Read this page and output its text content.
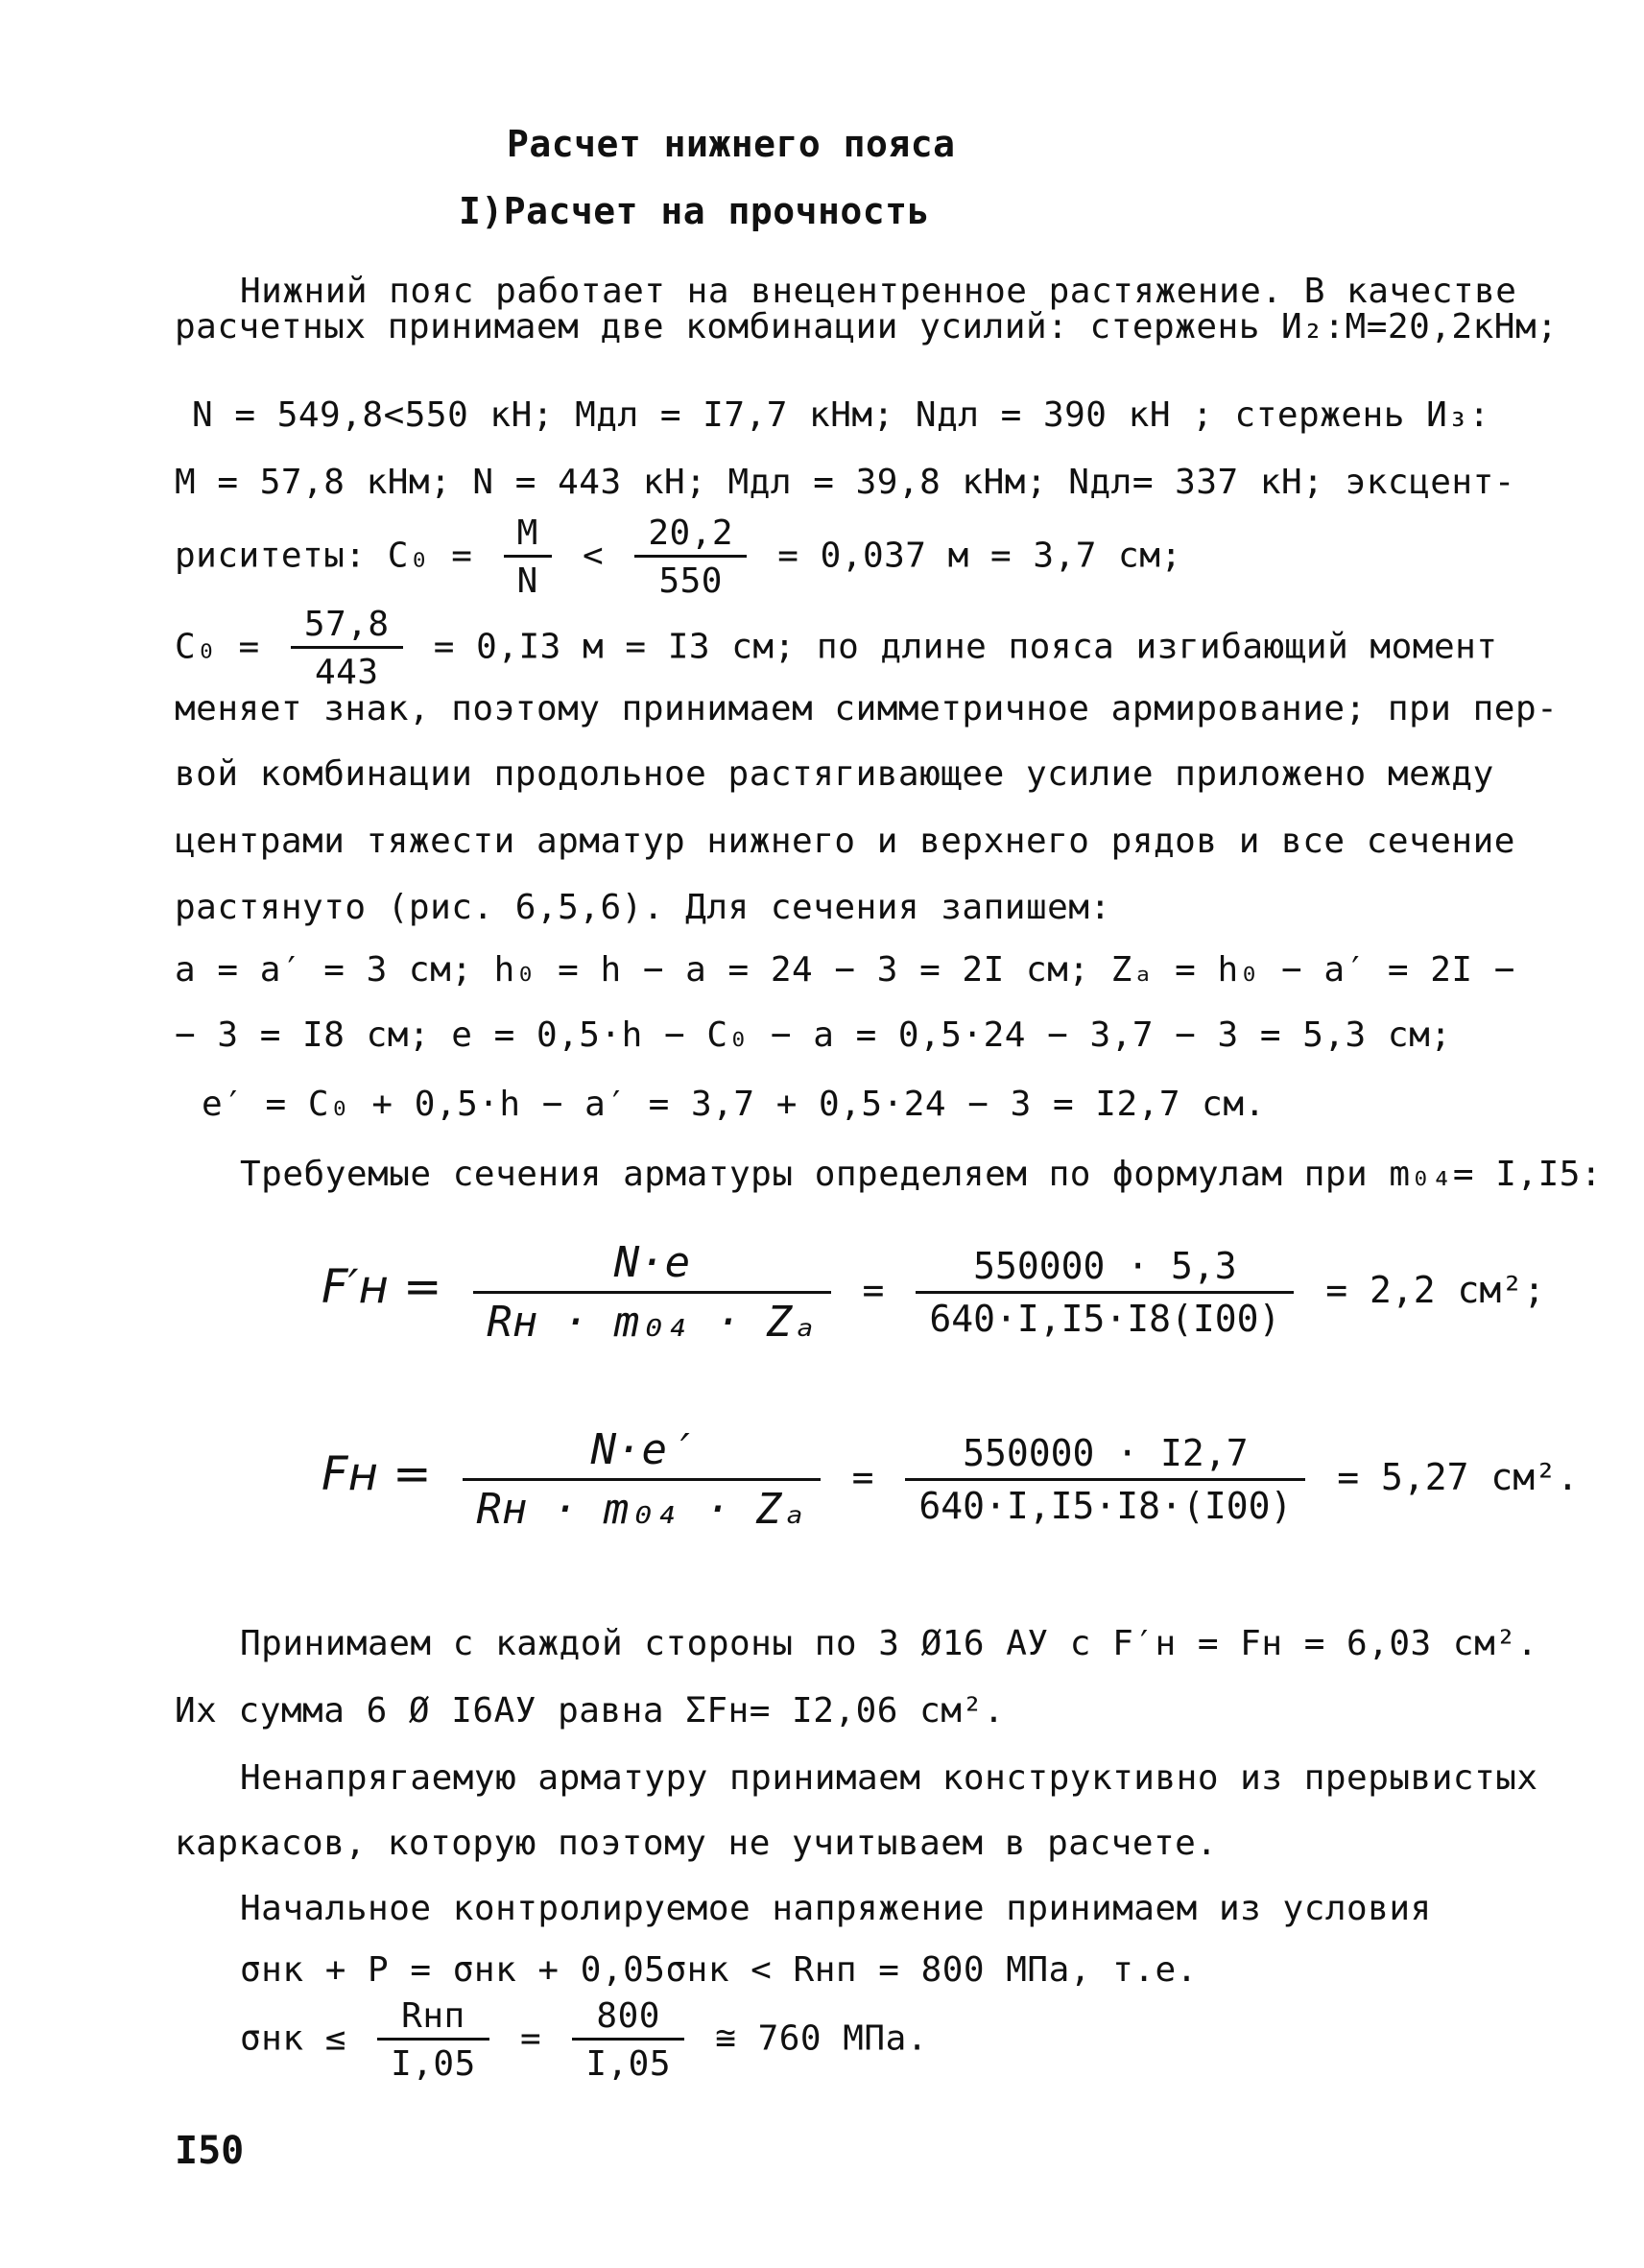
Расчет нижнего пояса
I)Расчет на прочность
Нижний пояс работает на внецентренное растяжение. В качестве
расчетных принимаем две комбинации усилий: стержень И₂:М=20,2кНм;
N = 549,8<550 кН; Мдл = I7,7 кНм; Nдл = 390 кН ; стержень И₃:
М = 57,8 кНм; N = 443 кН; Мдл = 39,8 кНм; Nдл= 337 кН; эксцент-
риситеты: $C_0 = \frac{М}{N} < \frac{20,2}{550} = 0,037$ м = 3,7 см;
$C_0 = \frac{57,8}{443} = 0,I3$ м = I3 см; по длине пояса изгибающий момент
меняет знак, поэтому принимаем симметричное армирование; при пер-
вой комбинации продольное растягивающее усилие приложено между
центрами тяжести арматур нижнего и верхнего рядов и все сечение
растянуто (рис. 6,5,6). Для сечения запишем:
a = a′ = 3 см; h₀ = h − a = 24 − 3 = 2I см; Zₐ = h₀ − a′ = 2I −
− 3 = I8 см; e = 0,5·h − C₀ − a = 0,5·24 − 3,7 − 3 = 5,3 см;
e′ = C₀ + 0,5·h − a′ = 3,7 + 0,5·24 − 3 = I2,7 см.
Требуемые сечения арматуры определяем по формулам при m₀₄= I,I5:
$F'н = \frac{N\cdot e}{\text{Rн · m₀₄ · Zₐ}} = \frac{550000 \cdot 5,3}{640\cdot I,I5\cdot I8(I00)} = 2,2$ см²;
Fн = $\frac{N\cdot e'}{\text{Rн · m₀₄ · Zₐ}} = \frac{550000 \cdot I2,7}{640\cdot I,I5\cdot I8\cdot(I00)} = 5,27$ см².
Принимаем с каждой стороны по 3 Ø16 АУ с F′н = Fн = 6,03 см².
Их сумма 6 Ø I6АУ равна ΣFн= I2,06 см².
Ненапрягаемую арматуру принимаем конструктивно из прерывистых
каркасов, которую поэтому не учитываем в расчете.
Начальное контролируемое напряжение принимаем из условия
σнк + P = σнк + 0,05σнк < Rнп = 800 МПа, т.е.
$\sigma нк \le \frac{\text{Rнп}}{I,05} = \frac{800}{I,05}$ ≅ 760 МПа.
I50
